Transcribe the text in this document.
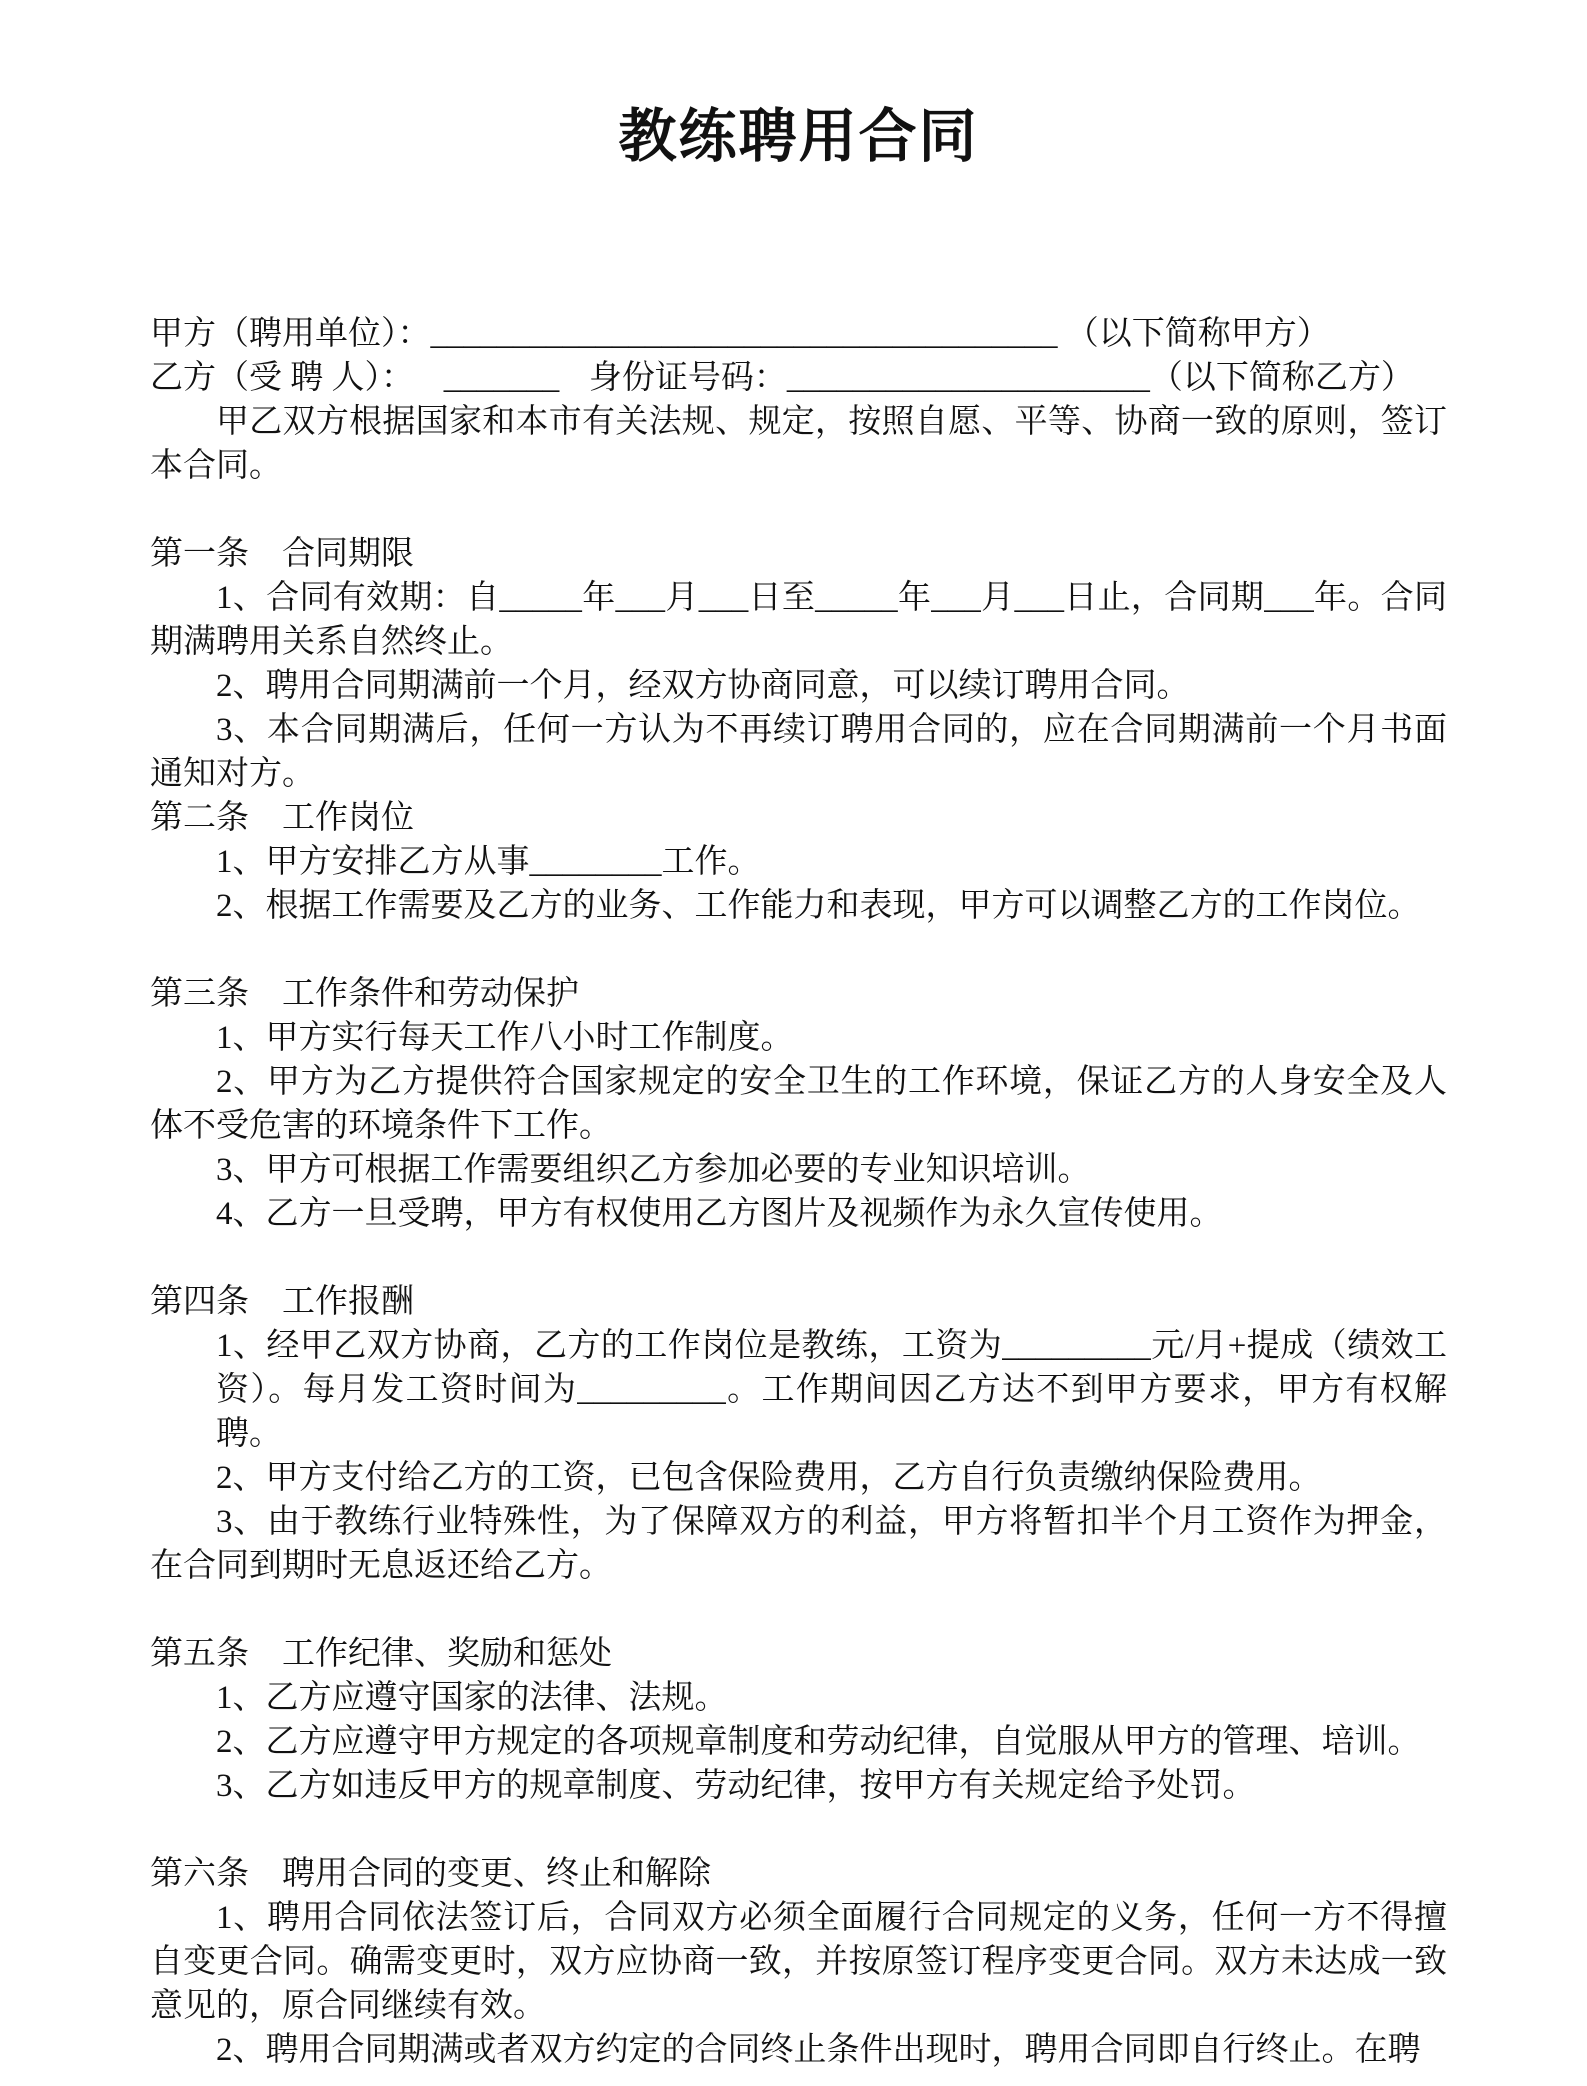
教练聘用合同

甲方（聘用单位）：______________________________________ （以下简称甲方）

乙方（受 聘 人）： _______ 身份证号码：______________________（以下简称乙方）

甲乙双方根据国家和本市有关法规、规定，按照自愿、平等、协商一致的原则，签订本合同。

第一条　合同期限

1、合同有效期：自_____年___月___日至_____年___月___日止，合同期___年。合同期满聘用关系自然终止。

2、聘用合同期满前一个月，经双方协商同意，可以续订聘用合同。

3、本合同期满后，任何一方认为不再续订聘用合同的，应在合同期满前一个月书面通知对方。

第二条　工作岗位

1、甲方安排乙方从事________工作。

2、根据工作需要及乙方的业务、工作能力和表现，甲方可以调整乙方的工作岗位。

第三条　工作条件和劳动保护

1、甲方实行每天工作八小时工作制度。

2、甲方为乙方提供符合国家规定的安全卫生的工作环境，保证乙方的人身安全及人体不受危害的环境条件下工作。

3、甲方可根据工作需要组织乙方参加必要的专业知识培训。

4、乙方一旦受聘，甲方有权使用乙方图片及视频作为永久宣传使用。

第四条　工作报酬

1、经甲乙双方协商，乙方的工作岗位是教练，工资为_________元/月+提成（绩效工资）。每月发工资时间为_________。工作期间因乙方达不到甲方要求，甲方有权解聘。

2、甲方支付给乙方的工资，已包含保险费用，乙方自行负责缴纳保险费用。

3、由于教练行业特殊性，为了保障双方的利益，甲方将暂扣半个月工资作为押金，在合同到期时无息返还给乙方。

第五条　工作纪律、奖励和惩处

1、乙方应遵守国家的法律、法规。

2、乙方应遵守甲方规定的各项规章制度和劳动纪律，自觉服从甲方的管理、培训。

3、乙方如违反甲方的规章制度、劳动纪律，按甲方有关规定给予处罚。

第六条　聘用合同的变更、终止和解除

1、聘用合同依法签订后，合同双方必须全面履行合同规定的义务，任何一方不得擅自变更合同。确需变更时，双方应协商一致，并按原签订程序变更合同。双方未达成一致意见的，原合同继续有效。

2、聘用合同期满或者双方约定的合同终止条件出现时，聘用合同即自行终止。在聘
